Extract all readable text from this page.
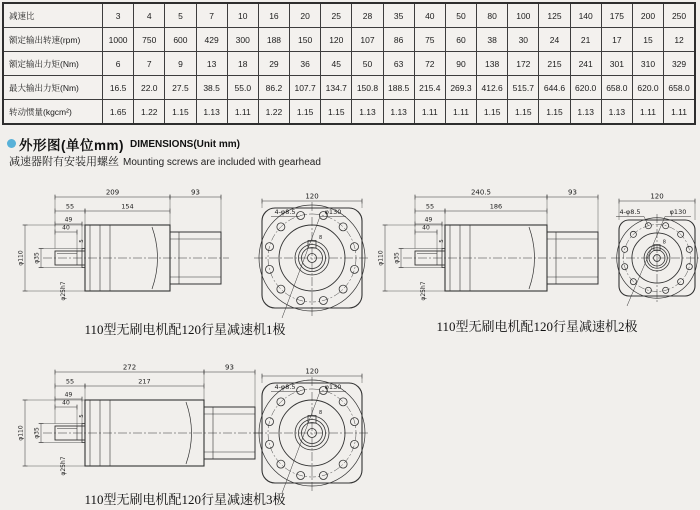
减速比	3	4	5	7	10	16	20	25	28	35	40	50	80	100	125	140	175	200	250
额定输出转速(rpm)	1000	750	600	429	300	188	150	120	107	86	75	60	38	30	24	21	17	15	12
额定输出力矩(Nm)	6	7	9	13	18	29	36	45	50	63	72	90	138	172	215	241	301	310	329
最大输出力矩(Nm)	16.5	22.0	27.5	38.5	55.0	86.2	107.7	134.7	150.8	188.5	215.4	269.3	412.6	515.7	644.6	620.0	658.0	620.0	658.0
转动惯量(kgcm²)	1.65	1.22	1.15	1.13	1.11	1.22	1.15	1.15	1.13	1.13	1.11	1.11	1.15	1.15	1.15	1.13	1.13	1.11	1.11
外形图(单位mm) DIMENSIONS(Unit mm)
减速器附有安装用螺丝 Mounting screws are included with gearhead
209	93
55	154
49
40
5
φ110 φ35
φ25h7
120
4-φ8.5	φ130
8
240.5	93
55	186
49
40
5
φ110 φ35
φ25h7
120
4-φ8.5	φ130
8
272	93
55	217
49
40
5
φ110 φ35
φ25h7
120
4-φ8.5	φ130
8
110型无刷电机配120行星减速机1极	110型无刷电机配120行星减速机2极
110型无刷电机配120行星减速机3极
